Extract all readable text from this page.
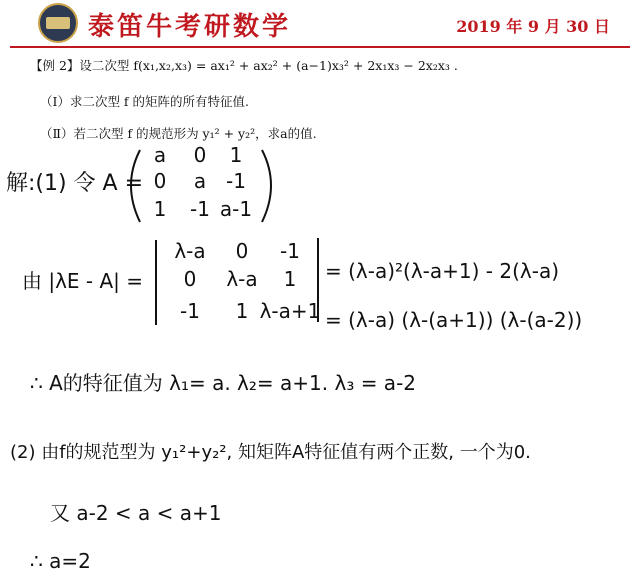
泰笛牛考研数学	2019 年 9 月 30 日
【例 2】设二次型 f(x₁,x₂,x₃) = ax₁² + ax₂² + (a−1)x₃² + 2x₁x₃ − 2x₂x₃ .
（Ⅰ）求二次型 f 的矩阵的所有特征值.
（Ⅱ）若二次型 f 的规范形为 y₁² + y₂²，求a的值.
解:(1) 令 A =
a 0 1
0 a -1
1 -1 a-1
由 |λE - A| =
λ-a 0 -1
0 λ-a 1
-1 1 λ-a+1
= (λ-a)²(λ-a+1) - 2(λ-a)
= (λ-a) (λ-(a+1)) (λ-(a-2))
∴ A的特征值为 λ₁= a. λ₂= a+1. λ₃ = a-2
(2) 由f的规范型为 y₁²+y₂², 知矩阵A特征值有两个正数, 一个为0.
又 a-2 < a < a+1
∴ a=2
